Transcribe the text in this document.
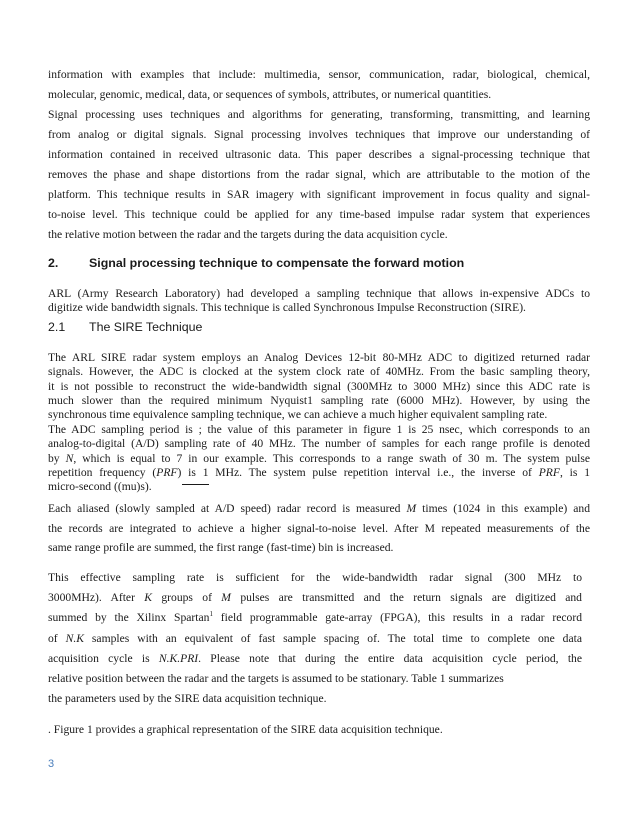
information with examples that include: multimedia, sensor, communication, radar, biological, chemical,
molecular, genomic, medical, data, or sequences of symbols, attributes, or numerical quantities.
Signal processing uses techniques and algorithms for generating, transforming, transmitting, and learning
from analog or digital signals. Signal processing involves techniques that improve our understanding of
information contained in received ultrasonic data. This paper describes a signal-processing technique that
removes the phase and shape distortions from the radar signal, which are attributable to the motion of the
platform. This technique results in SAR imagery with significant improvement in focus quality and signal-
to-noise level. This technique could be applied for any time-based impulse radar system that experiences
the relative motion between the radar and the targets during the data acquisition cycle.
2. Signal processing technique to compensate the forward motion
ARL (Army Research Laboratory) had developed a sampling technique that allows in-expensive ADCs to
digitize wide bandwidth signals. This technique is called Synchronous Impulse Reconstruction (SIRE).
2.1 The SIRE Technique
The ARL SIRE radar system employs an Analog Devices 12-bit 80-MHz ADC to digitized returned radar
signals. However, the ADC is clocked at the system clock rate of 40MHz. From the basic sampling theory,
it is not possible to reconstruct the wide-bandwidth signal (300MHz to 3000 MHz) since this ADC rate is
much slower than the required minimum Nyquist1 sampling rate (6000 MHz). However, by using the
synchronous time equivalence sampling technique, we can achieve a much higher equivalent sampling rate.
The ADC sampling period is ; the value of this parameter in figure 1 is 25 nsec, which corresponds to an
analog-to-digital (A/D) sampling rate of 40 MHz. The number of samples for each range profile is denoted
by N, which is equal to 7 in our example. This corresponds to a range swath of 30 m. The system pulse
repetition frequency (PRF) is 1 MHz. The system pulse repetition interval i.e., the inverse of PRF, is 1
micro-second ((mu)s).
Each aliased (slowly sampled at A/D speed) radar record is measured M times (1024 in this example) and
the records are integrated to achieve a higher signal-to-noise level. After M repeated measurements of the
same range profile are summed, the first range (fast-time) bin is increased.
This effective sampling rate is sufficient for the wide-bandwidth radar signal (300 MHz to
3000MHz). After K groups of M pulses are transmitted and the return signals are digitized and
summed by the Xilinx Spartan$^1$ field programmable gate-array (FPGA), this results in a radar record
of N.K samples with an equivalent of fast sample spacing of. The total time to complete one data
acquisition cycle is N.K.PRI. Please note that during the entire data acquisition cycle period, the
relative position between the radar and the targets is assumed to be stationary. Table 1 summarizes
the parameters used by the SIRE data acquisition technique.
. Figure 1 provides a graphical representation of the SIRE data acquisition technique.
3
